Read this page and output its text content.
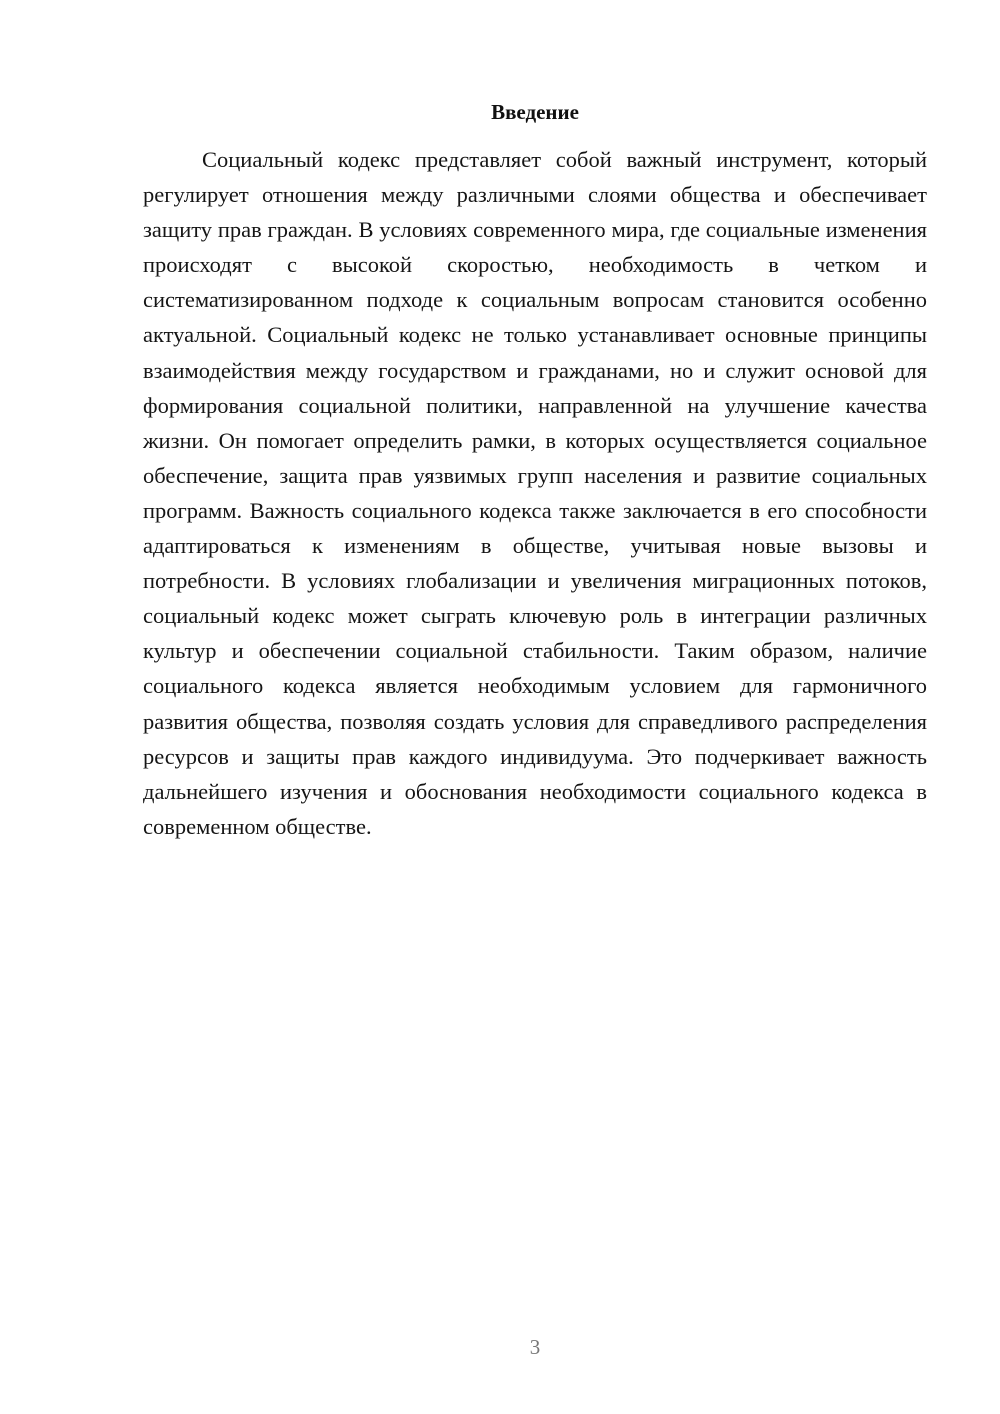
Введение

Социальный кодекс представляет собой важный инструмент, который регулирует отношения между различными слоями общества и обеспечивает защиту прав граждан. В условиях современного мира, где социальные изменения происходят с высокой скоростью, необходимость в четком и систематизированном подходе к социальным вопросам становится особенно актуальной. Социальный кодекс не только устанавливает основные принципы взаимодействия между государством и гражданами, но и служит основой для формирования социальной политики, направленной на улучшение качества жизни. Он помогает определить рамки, в которых осуществляется социальное обеспечение, защита прав уязвимых групп населения и развитие социальных программ. Важность социального кодекса также заключается в его способности адаптироваться к изменениям в обществе, учитывая новые вызовы и потребности. В условиях глобализации и увеличения миграционных потоков, социальный кодекс может сыграть ключевую роль в интеграции различных культур и обеспечении социальной стабильности. Таким образом, наличие социального кодекса является необходимым условием для гармоничного развития общества, позволяя создать условия для справедливого распределения ресурсов и защиты прав каждого индивидуума. Это подчеркивает важность дальнейшего изучения и обоснования необходимости социального кодекса в современном обществе.

3
